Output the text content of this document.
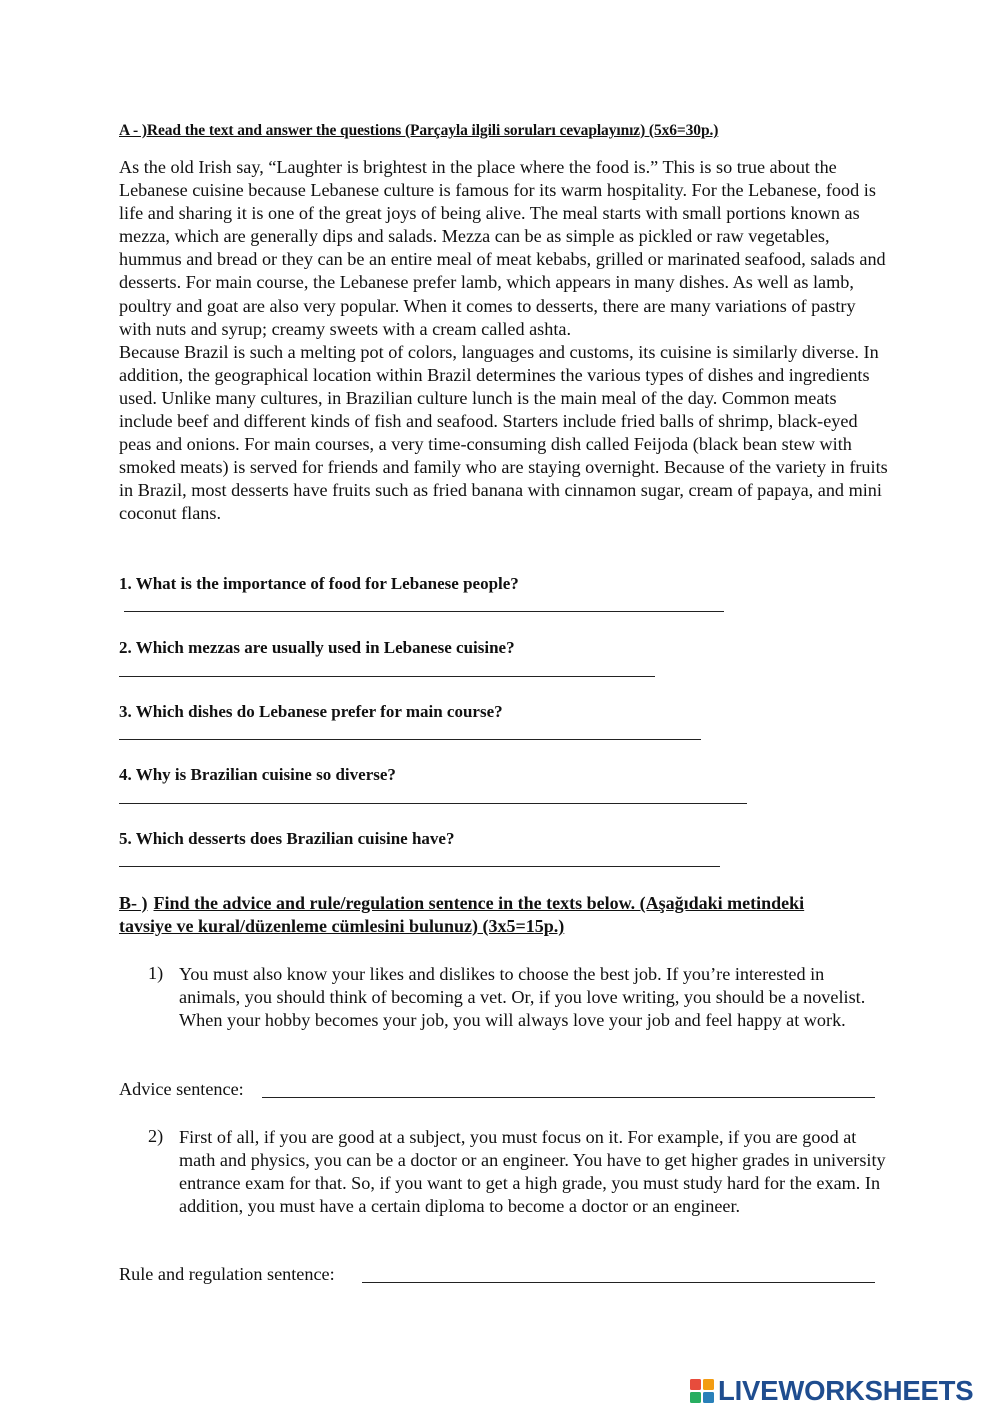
A - )Read the text and answer the questions (Parçayla ilgili soruları cevaplayınız) (5x6=30p.)

As the old Irish say, “Laughter is brightest in the place where the food is.” This is so true about the Lebanese cuisine because Lebanese culture is famous for its warm hospitality. For the Lebanese, food is life and sharing it is one of the great joys of being alive. The meal starts with small portions known as mezza, which are generally dips and salads. Mezza can be as simple as pickled or raw vegetables, hummus and bread or they can be an entire meal of meat kebabs, grilled or marinated seafood, salads and desserts. For main course, the Lebanese prefer lamb, which appears in many dishes. As well as lamb, poultry and goat are also very popular. When it comes to desserts, there are many variations of pastry with nuts and syrup; creamy sweets with a cream called ashta.

Because Brazil is such a melting pot of colors, languages and customs, its cuisine is similarly diverse. In addition, the geographical location within Brazil determines the various types of dishes and ingredients used. Unlike many cultures, in Brazilian culture lunch is the main meal of the day. Common meats include beef and different kinds of fish and seafood. Starters include fried balls of shrimp, black-eyed peas and onions. For main courses, a very time-consuming dish called Feijoda (black bean stew with smoked meats) is served for friends and family who are staying overnight. Because of the variety in fruits in Brazil, most desserts have fruits such as fried banana with cinnamon sugar, cream of papaya, and mini coconut flans.

1. What is the importance of food for Lebanese people?
2. Which mezzas are usually used in Lebanese cuisine?
3. Which dishes do Lebanese prefer for main course?
4. Why is Brazilian cuisine so diverse?
5. Which desserts does Brazilian cuisine have?
B- ) Find the advice and rule/regulation sentence in the texts below. (Aşağıdaki metindeki tavsiye ve kural/düzenleme cümlesini bulunuz) (3x5=15p.)
1) You must also know your likes and dislikes to choose the best job. If you’re interested in animals, you should think of becoming a vet. Or, if you love writing, you should be a novelist. When your hobby becomes your job, you will always love your job and feel happy at work.
Advice sentence:
2) First of all, if you are good at a subject, you must focus on it. For example, if you are good at math and physics, you can be a doctor or an engineer. You have to get higher grades in university entrance exam for that. So, if you want to get a high grade, you must study hard for the exam. In addition, you must have a certain diploma to become a doctor or an engineer.
Rule and regulation sentence:
LIVEWORKSHEETS
